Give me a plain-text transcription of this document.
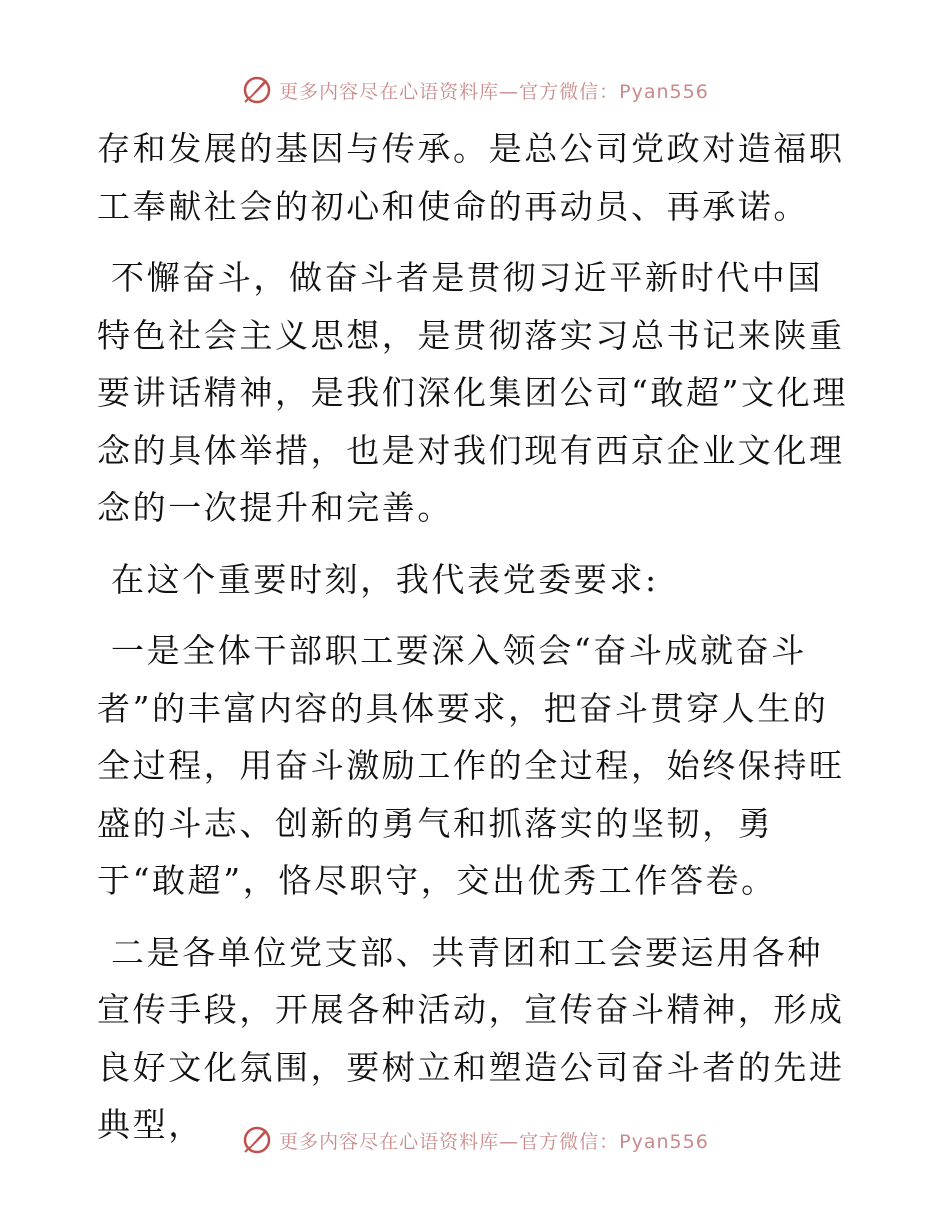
更多内容尽在心语资料库—官方微信：Pyan556

存和发展的基因与传承。是总公司党政对造福职工奉献社会的初心和使命的再动员、再承诺。

不懈奋斗，做奋斗者是贯彻习近平新时代中国特色社会主义思想，是贯彻落实习总书记来陕重要讲话精神，是我们深化集团公司“敢超”文化理念的具体举措，也是对我们现有西京企业文化理念的一次提升和完善。

在这个重要时刻，我代表党委要求:

一是全体干部职工要深入领会“奋斗成就奋斗者”的丰富内容的具体要求，把奋斗贯穿人生的全过程，用奋斗激励工作的全过程，始终保持旺盛的斗志、创新的勇气和抓落实的坚韧，勇于“敢超”，恪尽职守，交出优秀工作答卷。

二是各单位党支部、共青团和工会要运用各种宣传手段，开展各种活动，宣传奋斗精神，形成良好文化氛围，要树立和塑造公司奋斗者的先进典型，	更多内容尽在心语资料库—官方微信：Pyan556
